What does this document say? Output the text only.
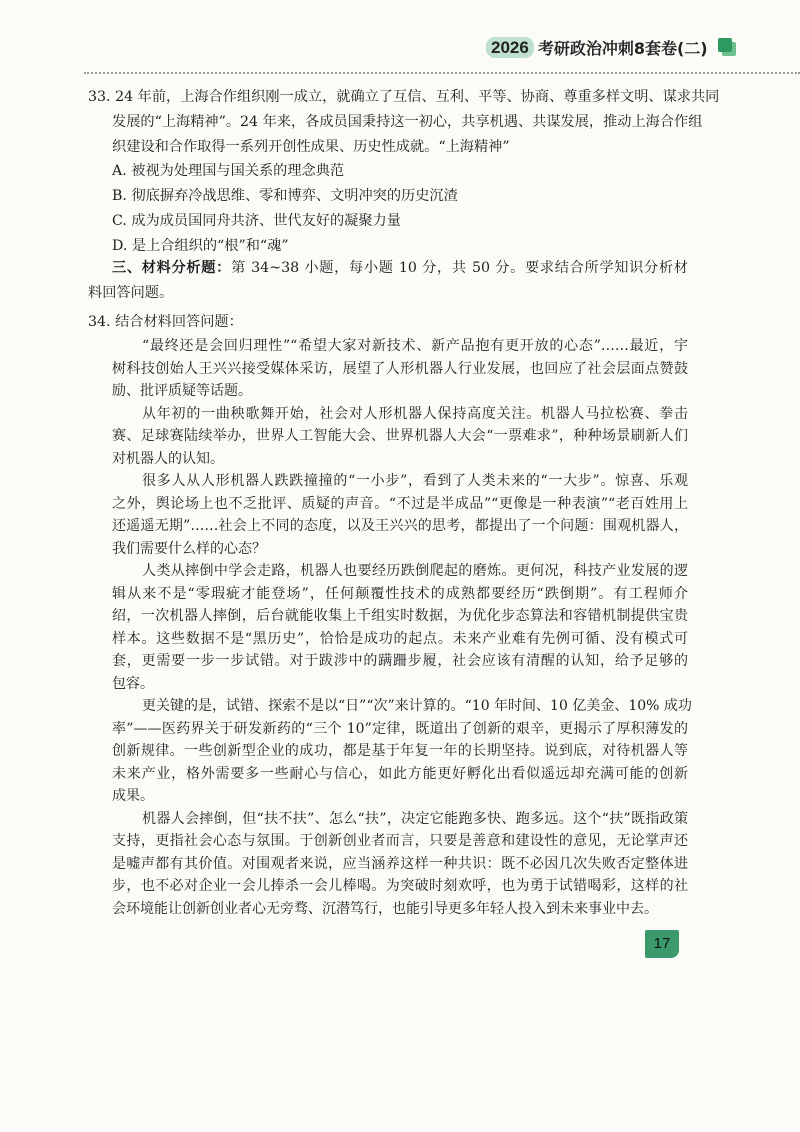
2026 考研政治冲刺8套卷(二)
33. 24 年前，上海合作组织刚一成立，就确立了互信、互利、平等、协商、尊重多样文明、谋求共同
发展的“上海精神”。24 年来，各成员国秉持这一初心，共享机遇、共谋发展，推动上海合作组
织建设和合作取得一系列开创性成果、历史性成就。“上海精神”
A. 被视为处理国与国关系的理念典范
B. 彻底摒弃冷战思维、零和博弈、文明冲突的历史沉渣
C. 成为成员国同舟共济、世代友好的凝聚力量
D. 是上合组织的“根”和“魂”
三、材料分析题：第 34~38 小题，每小题 10 分，共 50 分。要求结合所学知识分析材
料回答问题。
34. 结合材料回答问题：
“最终还是会回归理性”“希望大家对新技术、新产品抱有更开放的心态”……最近，宇
树科技创始人王兴兴接受媒体采访，展望了人形机器人行业发展，也回应了社会层面点赞鼓
励、批评质疑等话题。
从年初的一曲秧歌舞开始，社会对人形机器人保持高度关注。机器人马拉松赛、拳击
赛、足球赛陆续举办，世界人工智能大会、世界机器人大会“一票难求”，种种场景刷新人们
对机器人的认知。
很多人从人形机器人跌跌撞撞的“一小步”，看到了人类未来的“一大步”。惊喜、乐观
之外，舆论场上也不乏批评、质疑的声音。“不过是半成品”“更像是一种表演”“老百姓用上
还遥遥无期”……社会上不同的态度，以及王兴兴的思考，都提出了一个问题：围观机器人，
我们需要什么样的心态？
人类从摔倒中学会走路，机器人也要经历跌倒爬起的磨炼。更何况，科技产业发展的逻
辑从来不是“零瑕疵才能登场”，任何颠覆性技术的成熟都要经历“跌倒期”。有工程师介
绍，一次机器人摔倒，后台就能收集上千组实时数据，为优化步态算法和容错机制提供宝贵
样本。这些数据不是“黑历史”，恰恰是成功的起点。未来产业难有先例可循、没有模式可
套，更需要一步一步试错。对于跋涉中的蹒跚步履，社会应该有清醒的认知，给予足够的
包容。
更关键的是，试错、探索不是以“日”“次”来计算的。“10 年时间、10 亿美金、10% 成功
率”——医药界关于研发新药的“三个 10”定律，既道出了创新的艰辛，更揭示了厚积薄发的
创新规律。一些创新型企业的成功，都是基于年复一年的长期坚持。说到底，对待机器人等
未来产业，格外需要多一些耐心与信心，如此方能更好孵化出看似遥远却充满可能的创新
成果。
机器人会摔倒，但“扶不扶”、怎么“扶”，决定它能跑多快、跑多远。这个“扶”既指政策
支持，更指社会心态与氛围。于创新创业者而言，只要是善意和建设性的意见，无论掌声还
是嘘声都有其价值。对围观者来说，应当涵养这样一种共识：既不必因几次失败否定整体进
步，也不必对企业一会儿捧杀一会儿棒喝。为突破时刻欢呼，也为勇于试错喝彩，这样的社
会环境能让创新创业者心无旁骛、沉潜笃行，也能引导更多年轻人投入到未来事业中去。
17
